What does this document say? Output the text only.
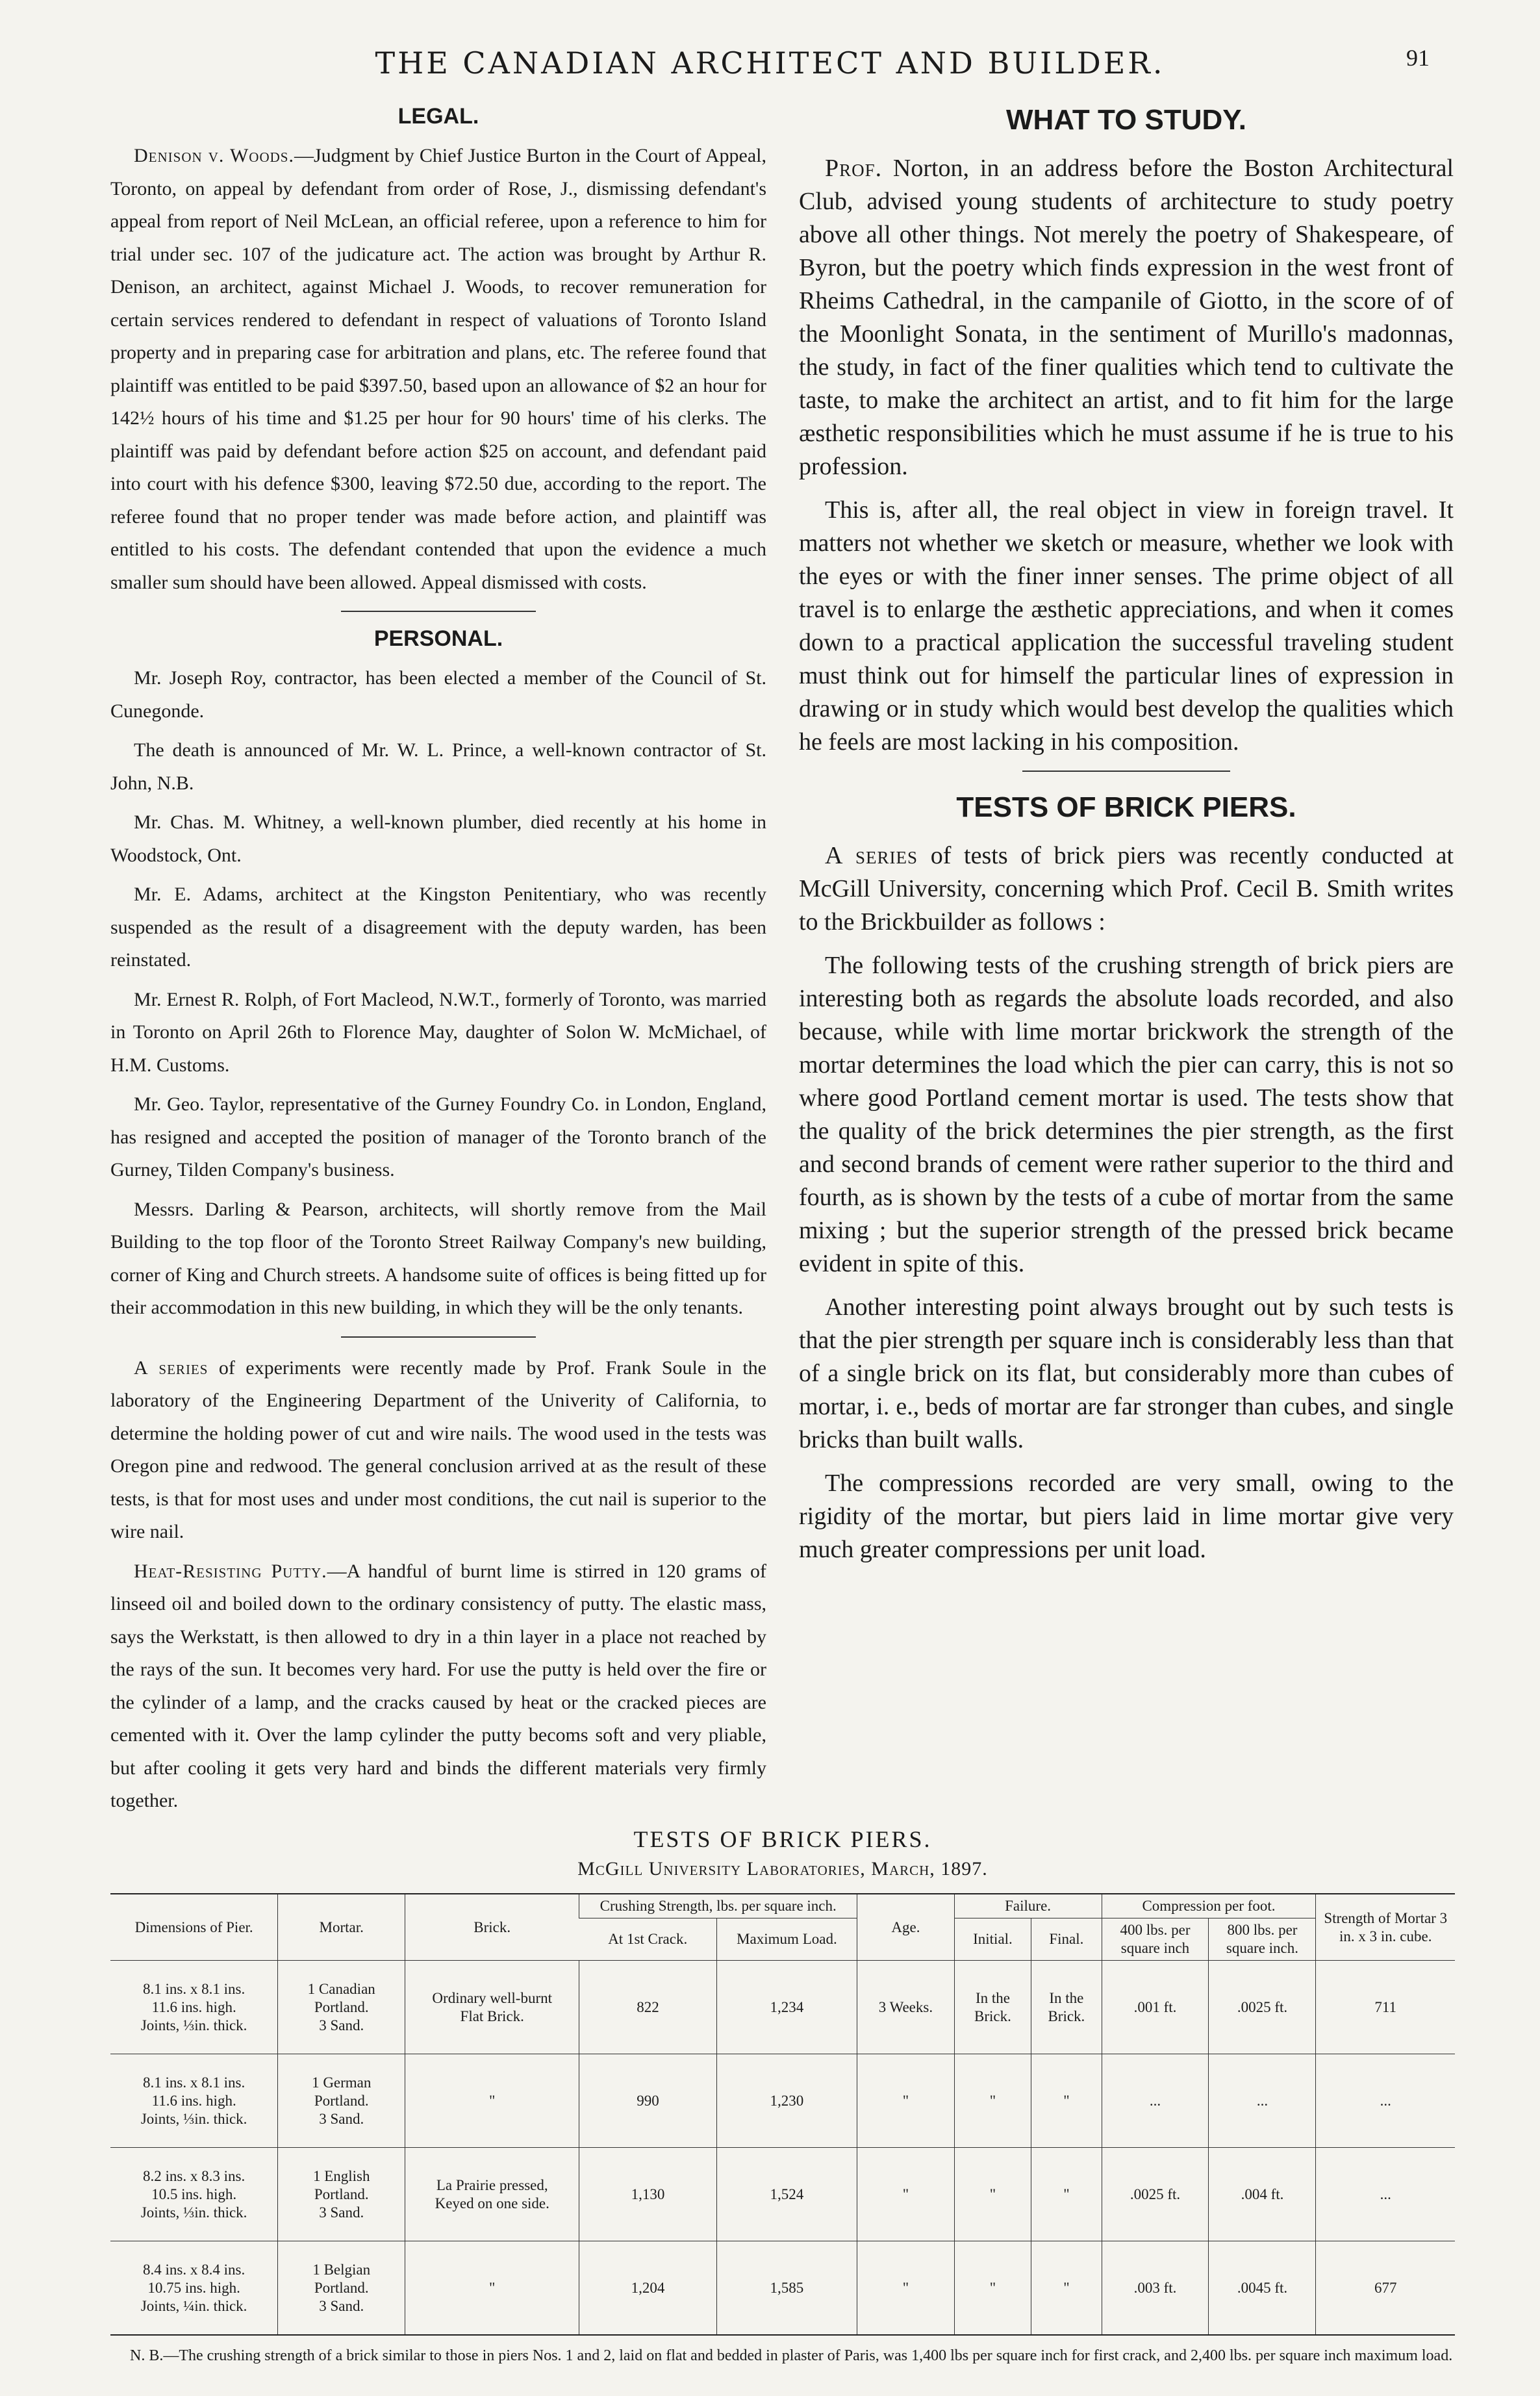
THE CANADIAN ARCHITECT AND BUILDER.	91
LEGAL.

Denison v. Woods.—Judgment by Chief Justice Burton in the Court of Appeal, Toronto, on appeal by defendant from order of Rose, J., dismissing defendant's appeal from report of Neil McLean, an official referee, upon a reference to him for trial under sec. 107 of the judicature act. The action was brought by Arthur R. Denison, an architect, against Michael J. Woods, to recover remuneration for certain services rendered to defendant in respect of valuations of Toronto Island property and in preparing case for arbitration and plans, etc. The referee found that plaintiff was entitled to be paid $397.50, based upon an allowance of $2 an hour for 142½ hours of his time and $1.25 per hour for 90 hours' time of his clerks. The plaintiff was paid by defendant before action $25 on account, and defendant paid into court with his defence $300, leaving $72.50 due, according to the report. The referee found that no proper tender was made before action, and plaintiff was entitled to his costs. The defendant contended that upon the evidence a much smaller sum should have been allowed. Appeal dismissed with costs.

PERSONAL.

Mr. Joseph Roy, contractor, has been elected a member of the Council of St. Cunegonde.

The death is announced of Mr. W. L. Prince, a well-known contractor of St. John, N.B.

Mr. Chas. M. Whitney, a well-known plumber, died recently at his home in Woodstock, Ont.

Mr. E. Adams, architect at the Kingston Penitentiary, who was recently suspended as the result of a disagreement with the deputy warden, has been reinstated.

Mr. Ernest R. Rolph, of Fort Macleod, N.W.T., formerly of Toronto, was married in Toronto on April 26th to Florence May, daughter of Solon W. McMichael, of H.M. Customs.

Mr. Geo. Taylor, representative of the Gurney Foundry Co. in London, England, has resigned and accepted the position of manager of the Toronto branch of the Gurney, Tilden Company's business.

Messrs. Darling & Pearson, architects, will shortly remove from the Mail Building to the top floor of the Toronto Street Railway Company's new building, corner of King and Church streets. A handsome suite of offices is being fitted up for their accommodation in this new building, in which they will be the only tenants.

A series of experiments were recently made by Prof. Frank Soule in the laboratory of the Engineering Department of the Univerity of California, to determine the holding power of cut and wire nails. The wood used in the tests was Oregon pine and redwood. The general conclusion arrived at as the result of these tests, is that for most uses and under most conditions, the cut nail is superior to the wire nail.

Heat-Resisting Putty.—A handful of burnt lime is stirred in 120 grams of linseed oil and boiled down to the ordinary consistency of putty. The elastic mass, says the Werkstatt, is then allowed to dry in a thin layer in a place not reached by the rays of the sun. It becomes very hard. For use the putty is held over the fire or the cylinder of a lamp, and the cracks caused by heat or the cracked pieces are cemented with it. Over the lamp cylinder the putty becoms soft and very pliable, but after cooling it gets very hard and binds the different materials very firmly together.

WHAT TO STUDY.

Prof. Norton, in an address before the Boston Architectural Club, advised young students of architecture to study poetry above all other things. Not merely the poetry of Shakespeare, of Byron, but the poetry which finds expression in the west front of Rheims Cathedral, in the campanile of Giotto, in the score of of the Moonlight Sonata, in the sentiment of Murillo's madonnas, the study, in fact of the finer qualities which tend to cultivate the taste, to make the architect an artist, and to fit him for the large æsthetic responsibilities which he must assume if he is true to his profession.

This is, after all, the real object in view in foreign travel. It matters not whether we sketch or measure, whether we look with the eyes or with the finer inner senses. The prime object of all travel is to enlarge the æsthetic appreciations, and when it comes down to a practical application the successful traveling student must think out for himself the particular lines of expression in drawing or in study which would best develop the qualities which he feels are most lacking in his composition.

TESTS OF BRICK PIERS.

A series of tests of brick piers was recently conducted at McGill University, concerning which Prof. Cecil B. Smith writes to the Brickbuilder as follows :

The following tests of the crushing strength of brick piers are interesting both as regards the absolute loads recorded, and also because, while with lime mortar brickwork the strength of the mortar determines the load which the pier can carry, this is not so where good Portland cement mortar is used. The tests show that the quality of the brick determines the pier strength, as the first and second brands of cement were rather superior to the third and fourth, as is shown by the tests of a cube of mortar from the same mixing ; but the superior strength of the pressed brick became evident in spite of this.

Another interesting point always brought out by such tests is that the pier strength per square inch is considerably less than that of a single brick on its flat, but considerably more than cubes of mortar, i. e., beds of mortar are far stronger than cubes, and single bricks than built walls.

The compressions recorded are very small, owing to the rigidity of the mortar, but piers laid in lime mortar give very much greater compressions per unit load.

TESTS OF BRICK PIERS.
McGill University Laboratories, March, 1897.
Dimensions of Pier.	Mortar.	Brick.	Crushing Strength, lbs. per square inch.		Age.	Failure.		Compression per foot.		Strength of Mortar 3 in. x 3 in. cube.
			At 1st Crack.	Maximum Load.		Initial.	Final.	400 lbs. per square inch	800 lbs. per square inch.	
8.1 ins. x 8.1 ins.
11.6 ins. high.
Joints, ⅓in. thick.	1 Canadian
Portland.
3 Sand.	Ordinary well-burnt
Flat Brick.	822	1,234	3 Weeks.	In the
Brick.	In the
Brick.	.001 ft.	.0025 ft.	711
8.1 ins. x 8.1 ins.
11.6 ins. high.
Joints, ⅓in. thick.	1 German
Portland.
3 Sand.	"	990	1,230	"	"	"	...	...	...
8.2 ins. x 8.3 ins.
10.5 ins. high.
Joints, ⅓in. thick.	1 English
Portland.
3 Sand.	La Prairie pressed,
Keyed on one side.	1,130	1,524	"	"	"	.0025 ft.	.004 ft.	...
8.4 ins. x 8.4 ins.
10.75 ins. high.
Joints, ¼in. thick.	1 Belgian
Portland.
3 Sand.	"	1,204	1,585	"	"	"	.003 ft.	.0045 ft.	677
N. B.—The crushing strength of a brick similar to those in piers Nos. 1 and 2, laid on flat and bedded in plaster of Paris, was 1,400 lbs per square inch for first crack, and 2,400 lbs. per square inch maximum load.
